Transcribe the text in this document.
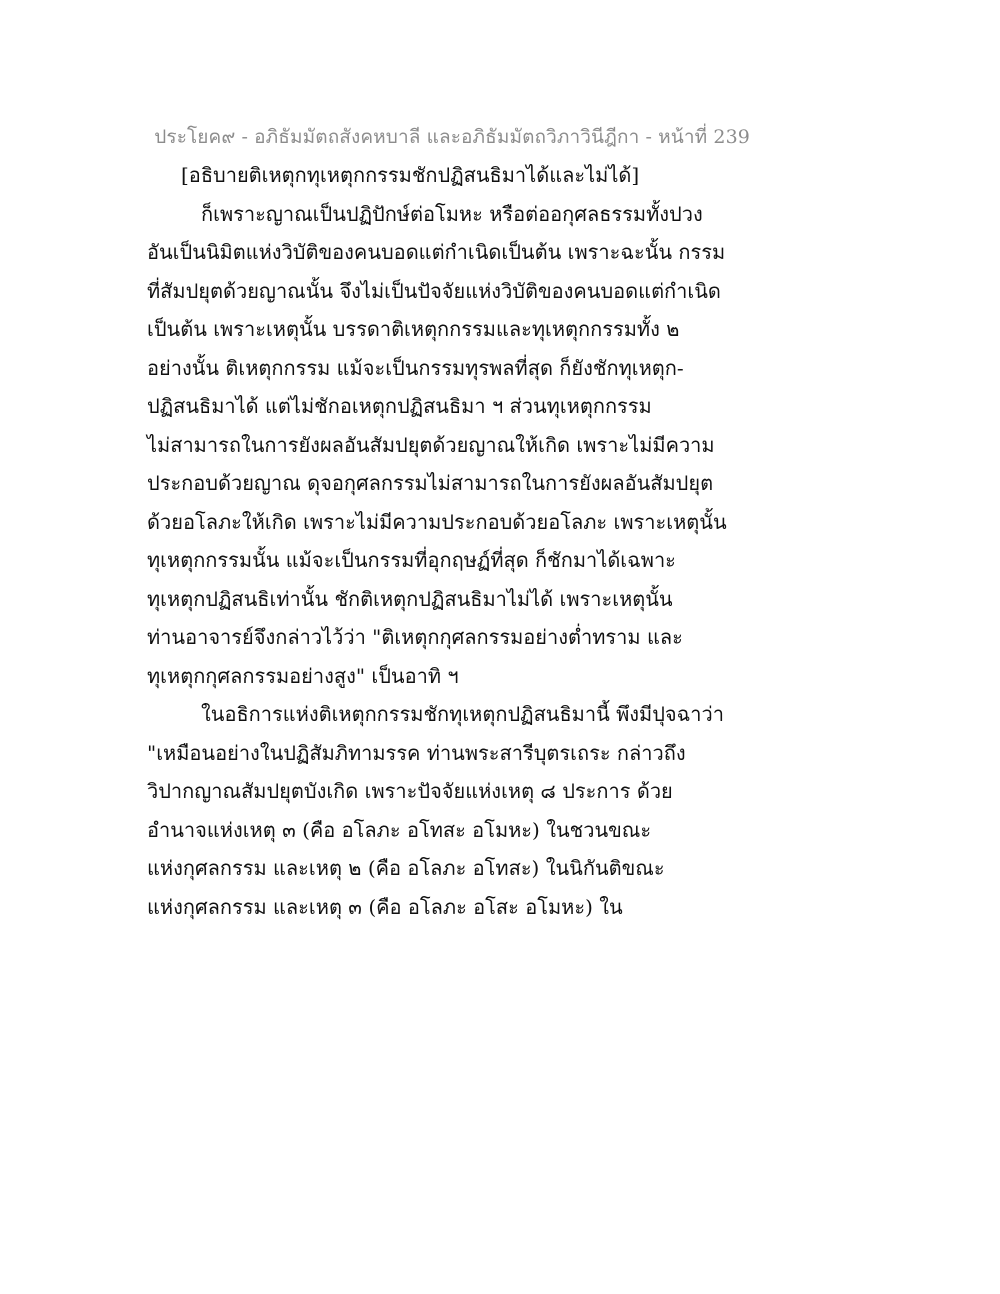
ประโยค๙ - อภิธัมมัตถสังคหบาลี และอภิธัมมัตถวิภาวินีฎีกา - หน้าที่ 239
[อธิบายติเหตุกทุเหตุกกรรมชักปฏิสนธิมาได้และไม่ได้]
ก็เพราะญาณเป็นปฏิปักษ์ต่อโมหะ หรือต่ออกุศลธรรมทั้งปวง
อันเป็นนิมิตแห่งวิบัติของคนบอดแต่กำเนิดเป็นต้น เพราะฉะนั้น กรรม
ที่สัมปยุตด้วยญาณนั้น จึงไม่เป็นปัจจัยแห่งวิบัติของคนบอดแต่กำเนิด
เป็นต้น เพราะเหตุนั้น บรรดาติเหตุกกรรมและทุเหตุกกรรมทั้ง ๒
อย่างนั้น ติเหตุกกรรม แม้จะเป็นกรรมทุรพลที่สุด ก็ยังชักทุเหตุก-
ปฏิสนธิมาได้ แต่ไม่ชักอเหตุกปฏิสนธิมา ฯ ส่วนทุเหตุกกรรม
ไม่สามารถในการยังผลอันสัมปยุตด้วยญาณให้เกิด เพราะไม่มีความ
ประกอบด้วยญาณ ดุจอกุศลกรรมไม่สามารถในการยังผลอันสัมปยุต
ด้วยอโลภะให้เกิด เพราะไม่มีความประกอบด้วยอโลภะ เพราะเหตุนั้น
ทุเหตุกกรรมนั้น แม้จะเป็นกรรมที่อุกฤษฏ์ที่สุด ก็ชักมาได้เฉพาะ
ทุเหตุกปฏิสนธิเท่านั้น ชักติเหตุกปฏิสนธิมาไม่ได้ เพราะเหตุนั้น
ท่านอาจารย์จึงกล่าวไว้ว่า "ติเหตุกกุศลกรรมอย่างต่ำทราม และ
ทุเหตุกกุศลกรรมอย่างสูง" เป็นอาทิ ฯ
ในอธิการแห่งติเหตุกกรรมชักทุเหตุกปฏิสนธิมานี้ พึงมีปุจฉาว่า
"เหมือนอย่างในปฏิสัมภิทามรรค ท่านพระสารีบุตรเถระ กล่าวถึง
วิปากญาณสัมปยุตบังเกิด เพราะปัจจัยแห่งเหตุ ๘ ประการ ด้วย
อำนาจแห่งเหตุ ๓ (คือ อโลภะ อโทสะ อโมหะ) ในชวนขณะ
แห่งกุศลกรรม และเหตุ ๒ (คือ อโลภะ อโทสะ) ในนิกันติขณะ
แห่งกุศลกรรม และเหตุ ๓ (คือ อโลภะ อโสะ อโมหะ) ใน
